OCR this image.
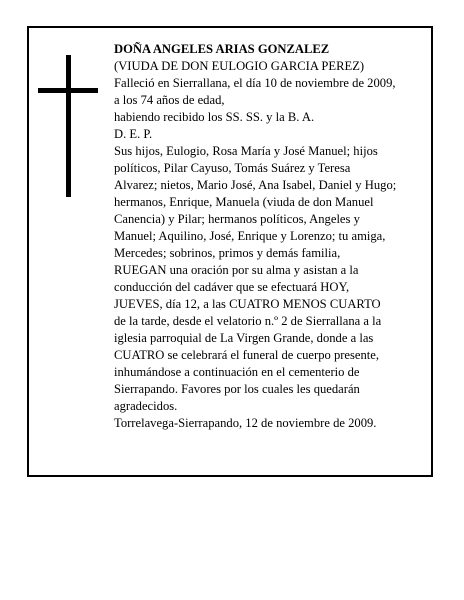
DOÑA ANGELES ARIAS GONZALEZ
(VIUDA DE DON EULOGIO GARCIA PEREZ)
Falleció en Sierrallana, el día 10 de noviembre de 2009,
a los 74 años de edad,
habiendo recibido los SS. SS. y la B. A.
D. E. P.
Sus hijos, Eulogio, Rosa María y José Manuel; hijos
políticos, Pilar Cayuso, Tomás Suárez y Teresa
Alvarez; nietos, Mario José, Ana Isabel, Daniel y Hugo;
hermanos, Enrique, Manuela (viuda de don Manuel
Canencia) y Pilar; hermanos políticos, Angeles y
Manuel; Aquilino, José, Enrique y Lorenzo; tu amiga,
Mercedes; sobrinos, primos y demás familia,
RUEGAN una oración por su alma y asistan a la
conducción del cadáver que se efectuará HOY,
JUEVES, día 12, a las CUATRO MENOS CUARTO
de la tarde, desde el velatorio n.º 2 de Sierrallana a la
iglesia parroquial de La Virgen Grande, donde a las
CUATRO se celebrará el funeral de cuerpo presente,
inhumándose a continuación en el cementerio de
Sierrapando. Favores por los cuales les quedarán
agradecidos.
Torrelavega-Sierrapando, 12 de noviembre de 2009.
